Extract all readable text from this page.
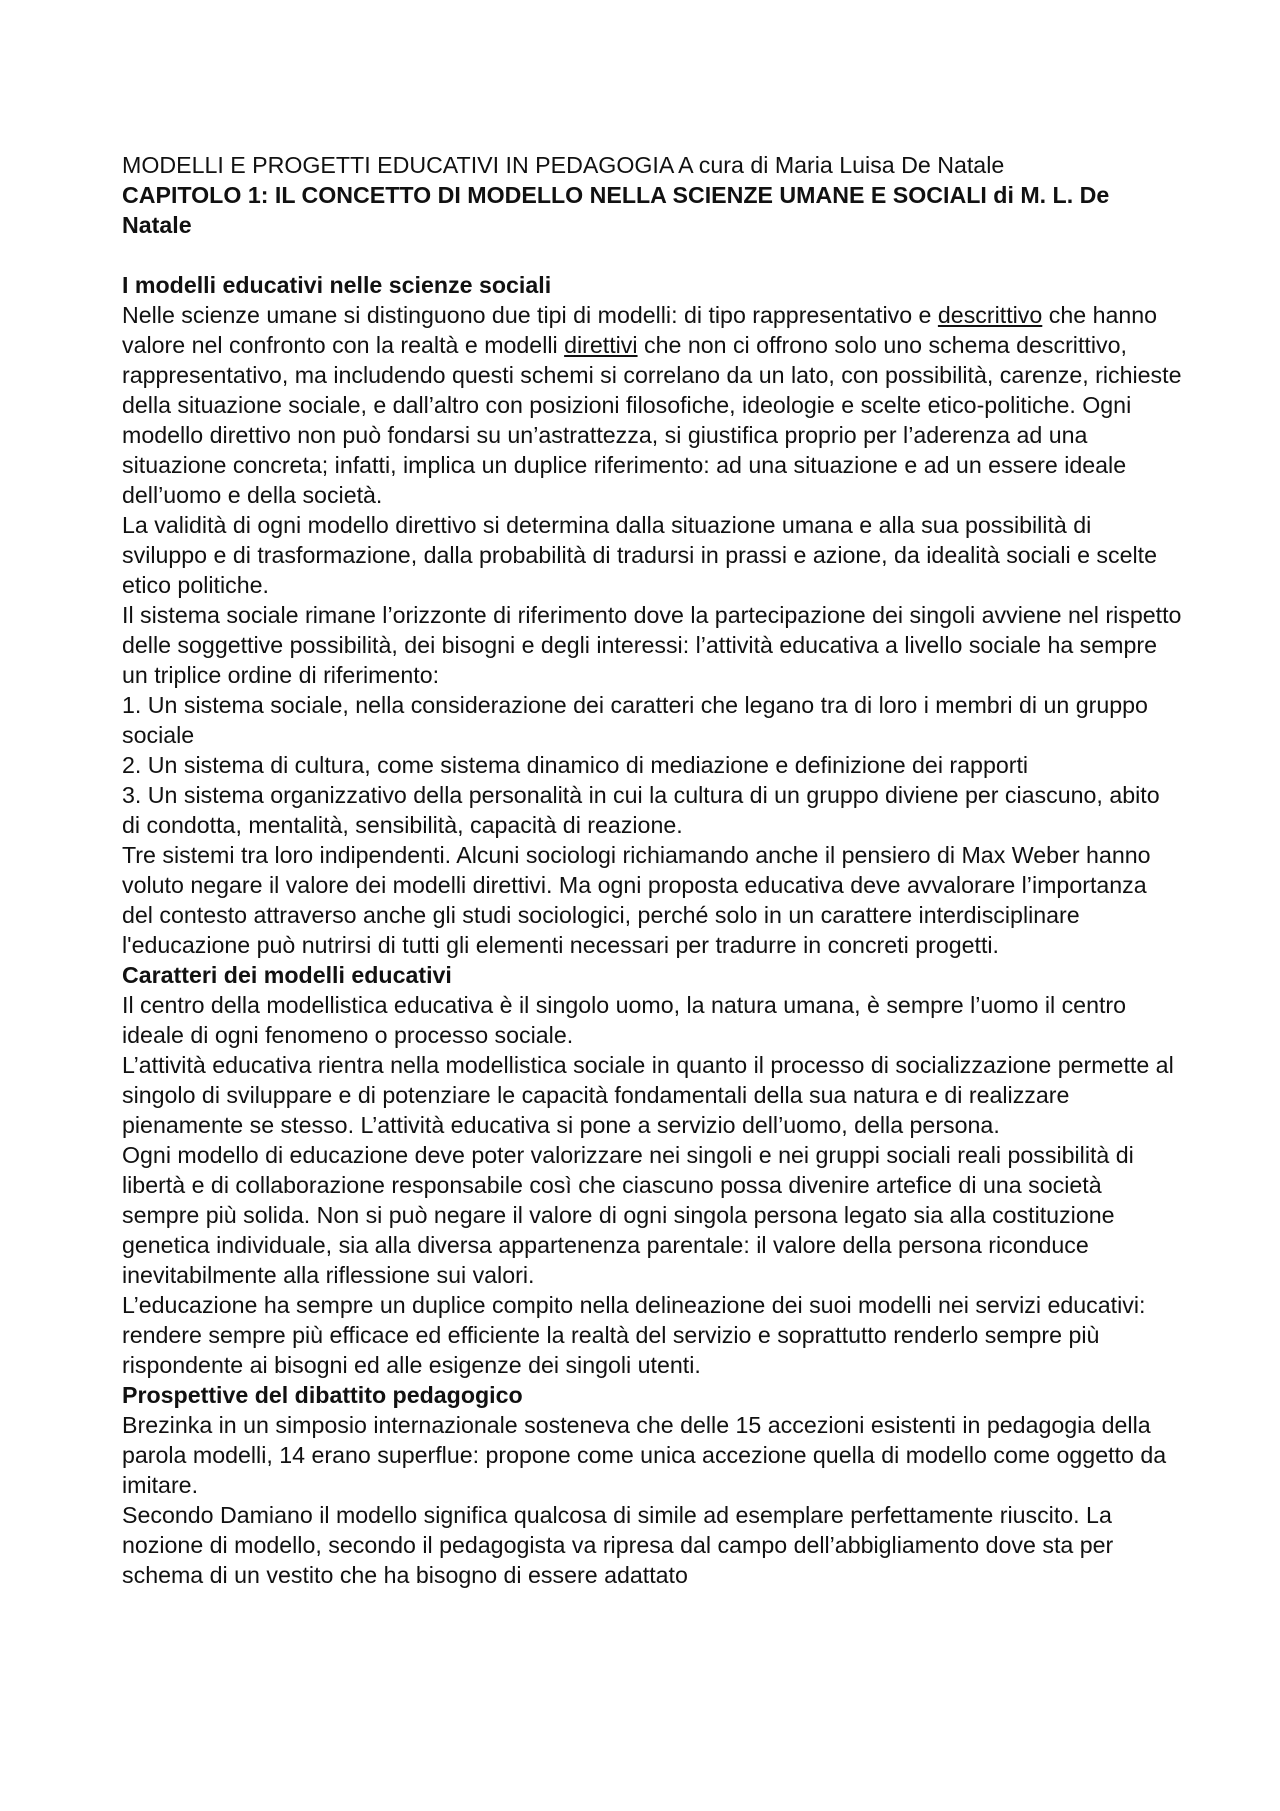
MODELLI E PROGETTI EDUCATIVI IN PEDAGOGIA A cura di Maria Luisa De Natale

CAPITOLO 1: IL CONCETTO DI MODELLO NELLA SCIENZE UMANE E SOCIALI di M. L. De Natale

I modelli educativi nelle scienze sociali

Nelle scienze umane si distinguono due tipi di modelli: di tipo rappresentativo e descrittivo che hanno valore nel confronto con la realtà e modelli direttivi che non ci offrono solo uno schema descrittivo, rappresentativo, ma includendo questi schemi si correlano da un lato, con possibilità, carenze, richieste della situazione sociale, e dall’altro con posizioni filosofiche, ideologie e scelte etico-politiche. Ogni modello direttivo non può fondarsi su un’astrattezza, si giustifica proprio per l’aderenza ad una situazione concreta; infatti, implica un duplice riferimento: ad una situazione e ad un essere ideale dell’uomo e della società.

La validità di ogni modello direttivo si determina dalla situazione umana e alla sua possibilità di sviluppo e di trasformazione, dalla probabilità di tradursi in prassi e azione, da idealità sociali e scelte etico politiche.

Il sistema sociale rimane l’orizzonte di riferimento dove la partecipazione dei singoli avviene nel rispetto delle soggettive possibilità, dei bisogni e degli interessi: l’attività educativa a livello sociale ha sempre un triplice ordine di riferimento:

1. Un sistema sociale, nella considerazione dei caratteri che legano tra di loro i membri di un gruppo sociale

2. Un sistema di cultura, come sistema dinamico di mediazione e definizione dei rapporti

3. Un sistema organizzativo della personalità in cui la cultura di un gruppo diviene per ciascuno, abito di condotta, mentalità, sensibilità, capacità di reazione.

Tre sistemi tra loro indipendenti. Alcuni sociologi richiamando anche il pensiero di Max Weber hanno voluto negare il valore dei modelli direttivi. Ma ogni proposta educativa deve avvalorare l’importanza del contesto attraverso anche gli studi sociologici, perché solo in un carattere interdisciplinare l'educazione può nutrirsi di tutti gli elementi necessari per tradurre in concreti progetti.

Caratteri dei modelli educativi

Il centro della modellistica educativa è il singolo uomo, la natura umana, è sempre l’uomo il centro ideale di ogni fenomeno o processo sociale.

L’attività educativa rientra nella modellistica sociale in quanto il processo di socializzazione permette al singolo di sviluppare e di potenziare le capacità fondamentali della sua natura e di realizzare pienamente se stesso. L’attività educativa si pone a servizio dell’uomo, della persona.

Ogni modello di educazione deve poter valorizzare nei singoli e nei gruppi sociali reali possibilità di libertà e di collaborazione responsabile così che ciascuno possa divenire artefice di una società sempre più solida. Non si può negare il valore di ogni singola persona legato sia alla costituzione genetica individuale, sia alla diversa appartenenza parentale: il valore della persona riconduce inevitabilmente alla riflessione sui valori.

L’educazione ha sempre un duplice compito nella delineazione dei suoi modelli nei servizi educativi: rendere sempre più efficace ed efficiente la realtà del servizio e soprattutto renderlo sempre più rispondente ai bisogni ed alle esigenze dei singoli utenti.

Prospettive del dibattito pedagogico

Brezinka in un simposio internazionale sosteneva che delle 15 accezioni esistenti in pedagogia della parola modelli, 14 erano superflue: propone come unica accezione quella di modello come oggetto da imitare.

Secondo Damiano il modello significa qualcosa di simile ad esemplare perfettamente riuscito. La nozione di modello, secondo il pedagogista va ripresa dal campo dell’abbigliamento dove sta per schema di un vestito che ha bisogno di essere adattato
